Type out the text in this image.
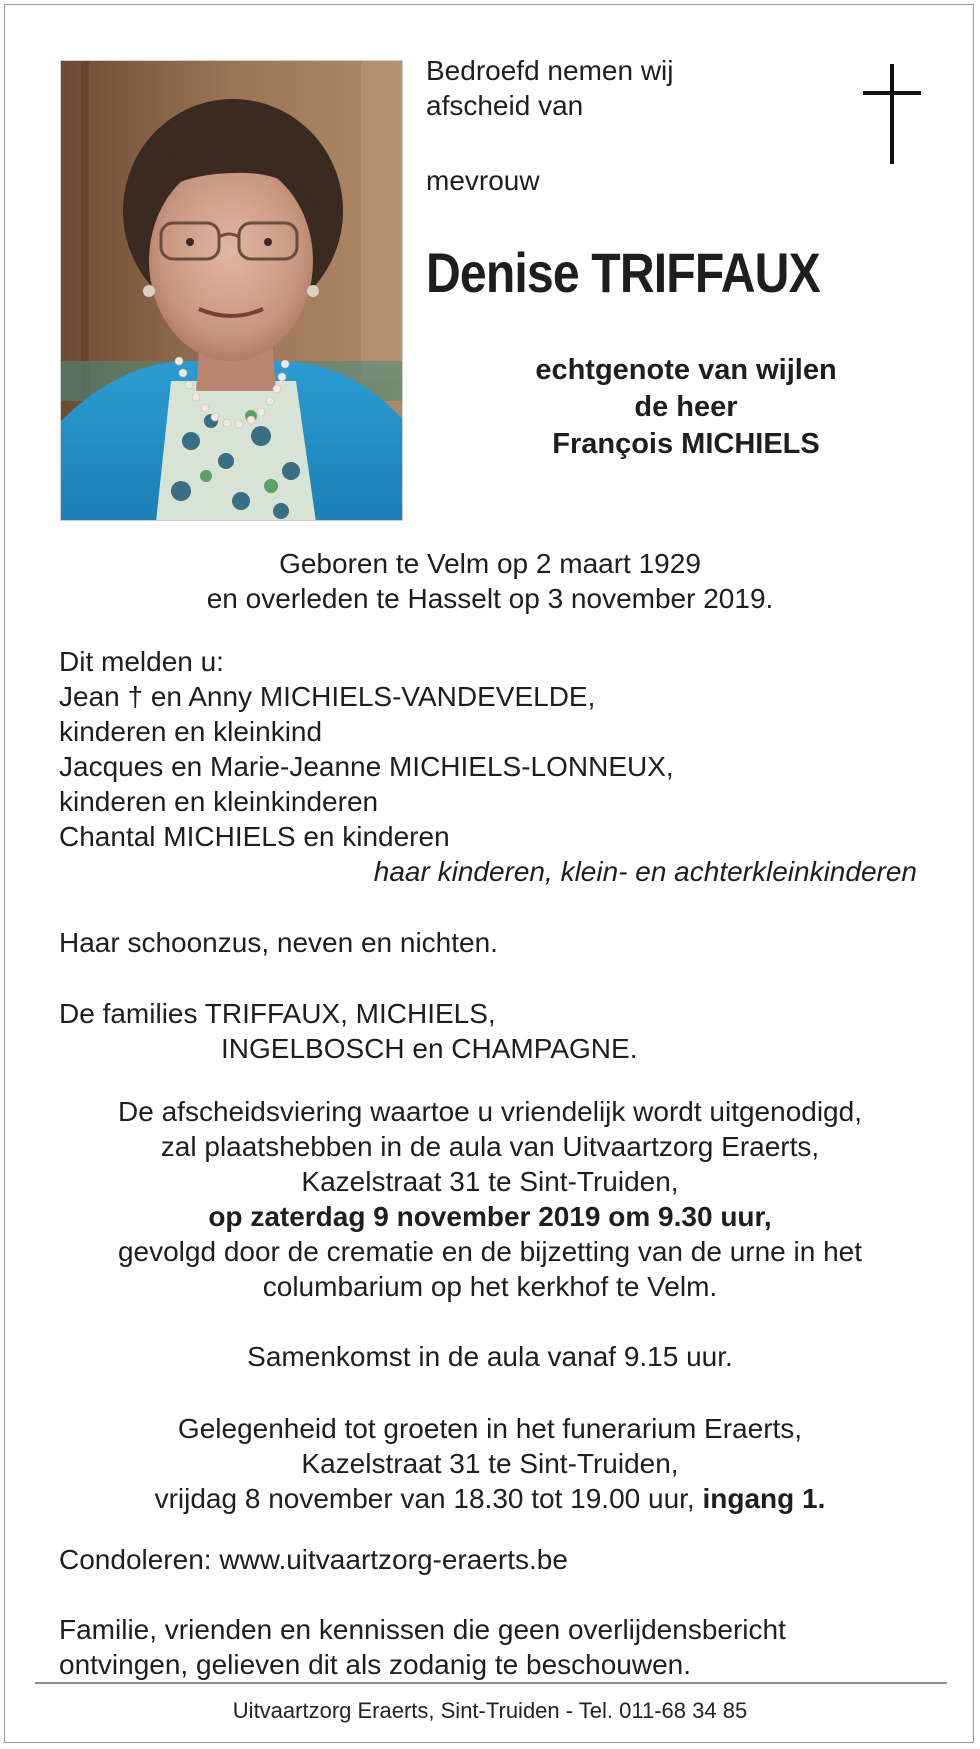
Bedroefd nemen wij
afscheid van
mevrouw
Denise TRIFFAUX
echtgenote van wijlen
de heer
François MICHIELS
Geboren te Velm op 2 maart 1929
en overleden te Hasselt op 3 november 2019.
Dit melden u:
Jean † en Anny MICHIELS-VANDEVELDE,
kinderen en kleinkind
Jacques en Marie-Jeanne MICHIELS-LONNEUX,
kinderen en kleinkinderen
Chantal MICHIELS en kinderen
haar kinderen, klein- en achterkleinkinderen
Haar schoonzus, neven en nichten.
De families TRIFFAUX, MICHIELS,
INGELBOSCH en CHAMPAGNE.
De afscheidsviering waartoe u vriendelijk wordt uitgenodigd,
zal plaatshebben in de aula van Uitvaartzorg Eraerts,
Kazelstraat 31 te Sint-Truiden,
op zaterdag 9 november 2019 om 9.30 uur,
gevolgd door de crematie en de bijzetting van de urne in het
columbarium op het kerkhof te Velm.
Samenkomst in de aula vanaf 9.15 uur.
Gelegenheid tot groeten in het funerarium Eraerts,
Kazelstraat 31 te Sint-Truiden,
vrijdag 8 november van 18.30 tot 19.00 uur, ingang 1.
Condoleren: www.uitvaartzorg-eraerts.be
Familie, vrienden en kennissen die geen overlijdensbericht
ontvingen, gelieven dit als zodanig te beschouwen.
Uitvaartzorg Eraerts, Sint-Truiden - Tel. 011-68 34 85
